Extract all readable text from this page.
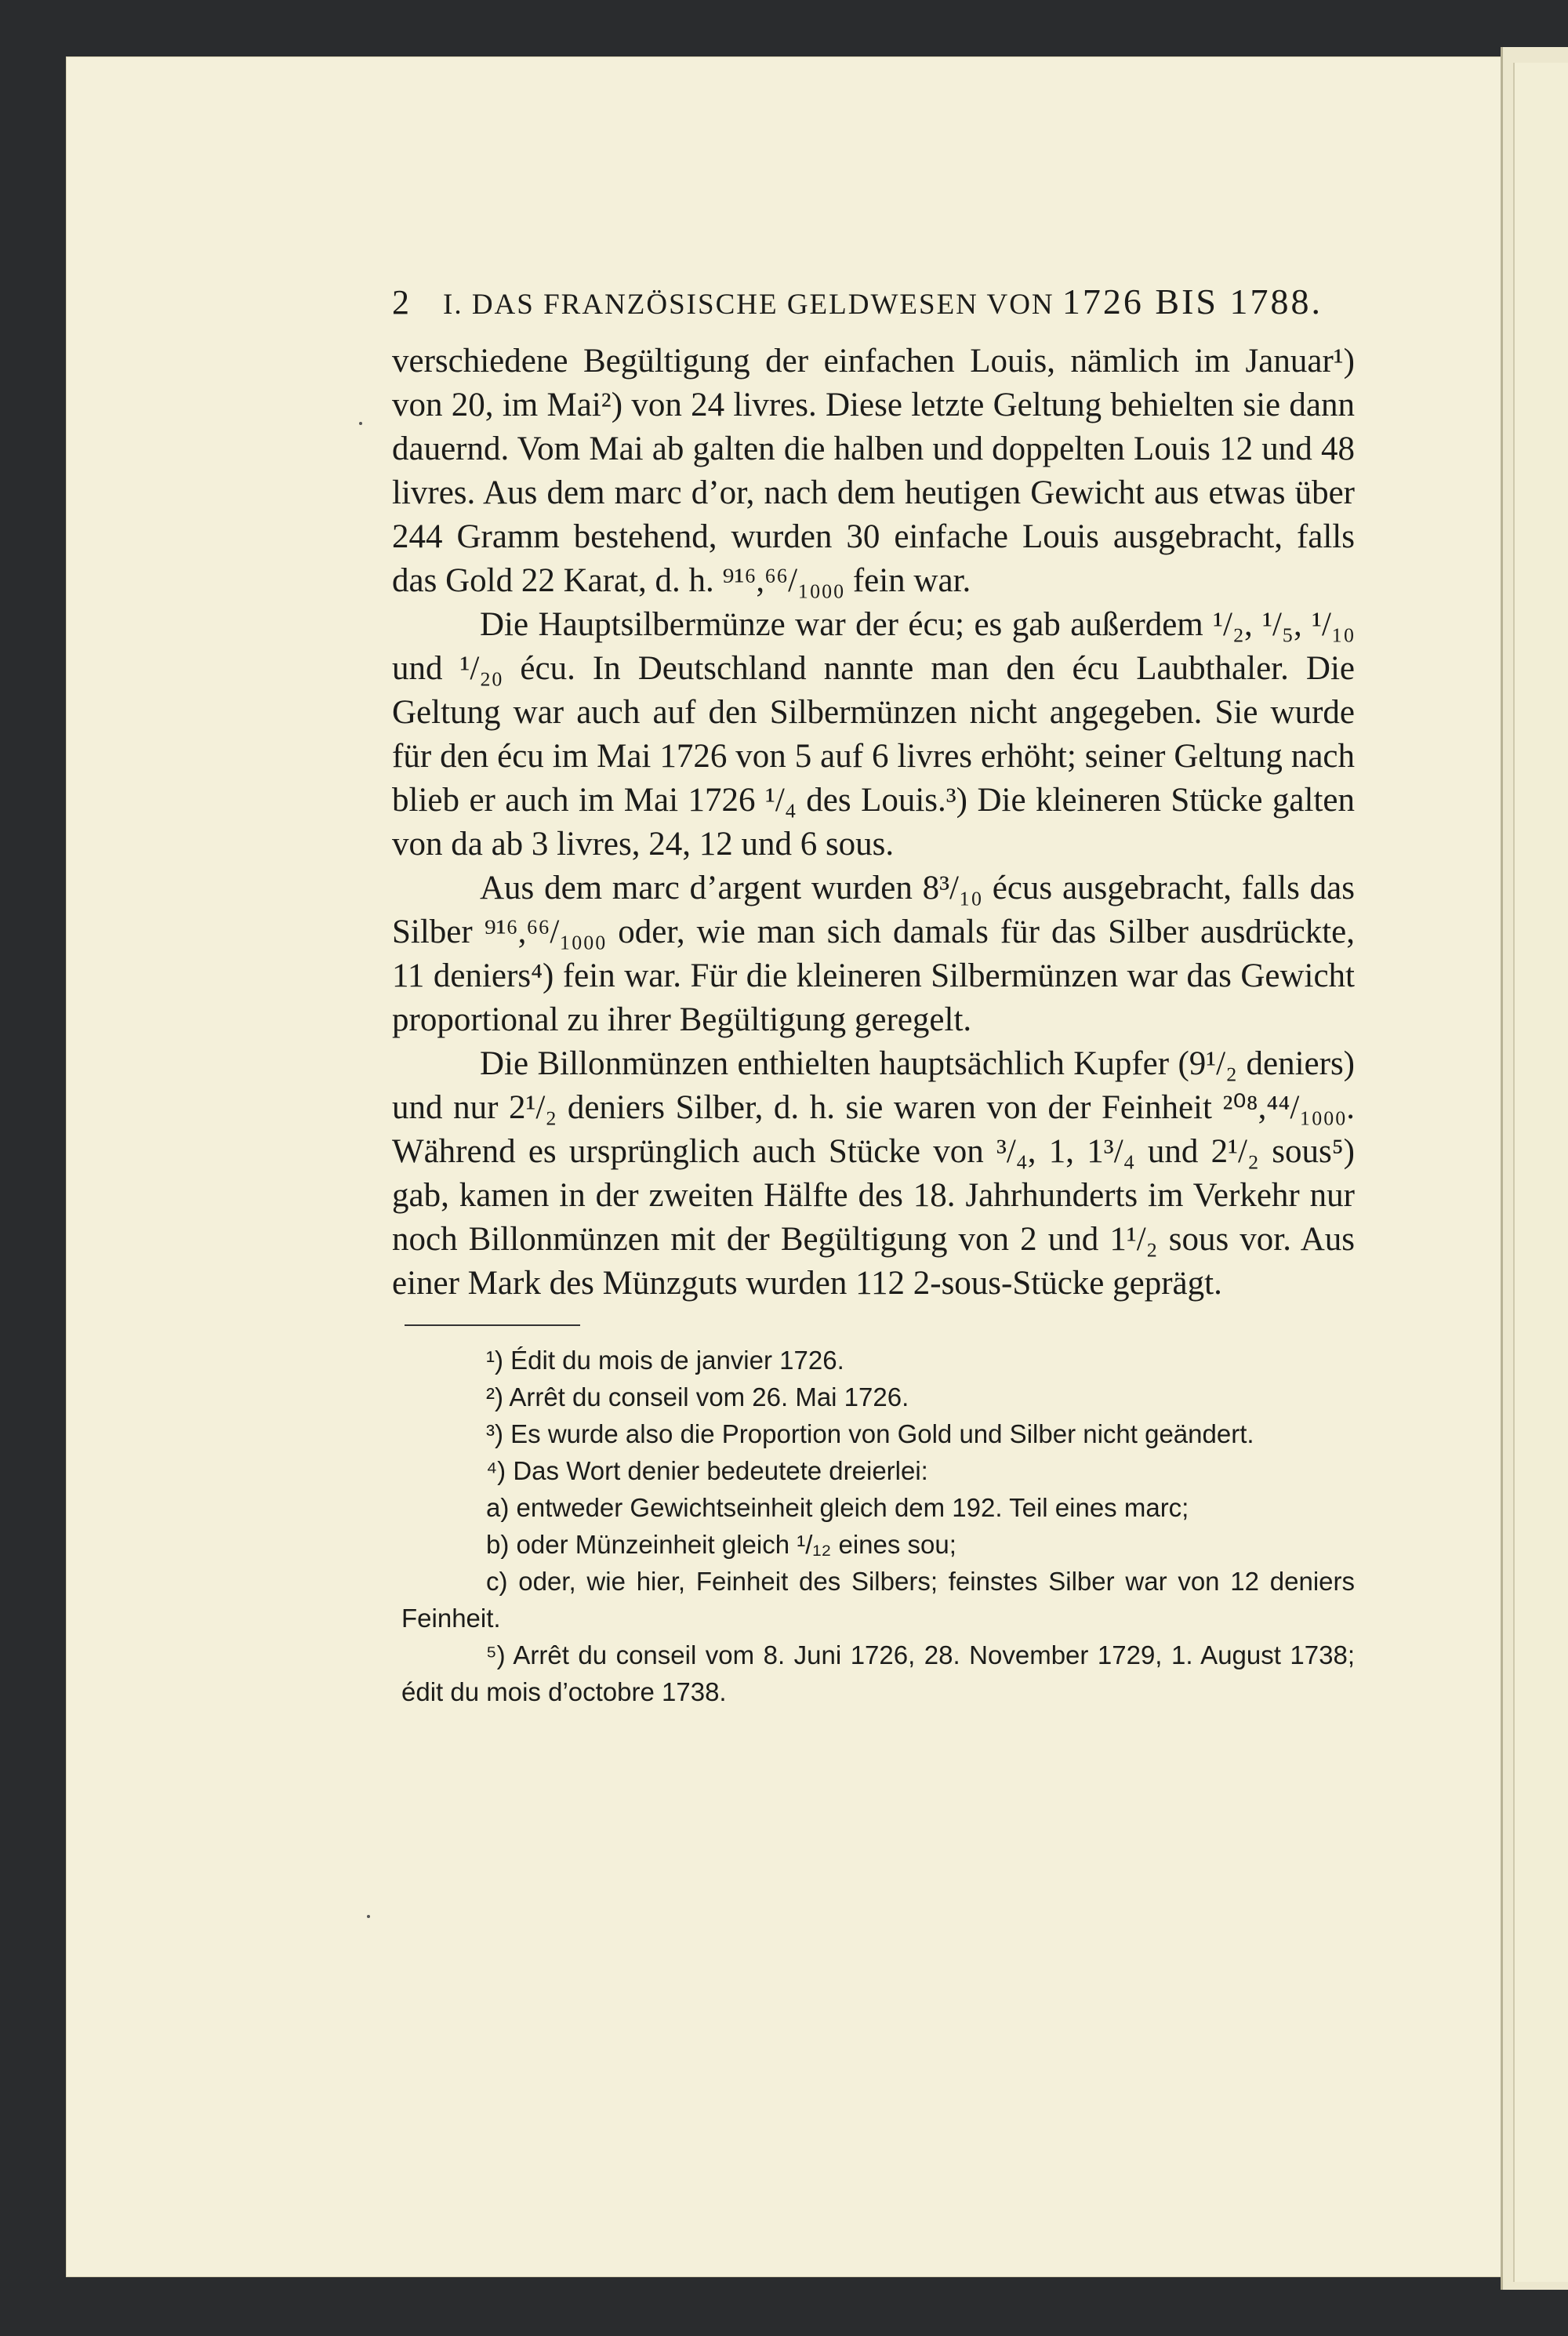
2 I. DAS FRANZÖSISCHE GELDWESEN VON 1726 BIS 1788.

verschiedene Begültigung der einfachen Louis, nämlich im Januar¹) von 20, im Mai²) von 24 livres. Diese letzte Geltung behielten sie dann dauernd. Vom Mai ab galten die halben und doppelten Louis 12 und 48 livres. Aus dem marc d’or, nach dem heutigen Gewicht aus etwas über 244 Gramm bestehend, wurden 30 einfache Louis ausgebracht, falls das Gold 22 Karat, d. h. ⁹¹⁶,⁶⁶/₁₀₀₀ fein war.

Die Hauptsilbermünze war der écu; es gab außerdem ¹/₂, ¹/₅, ¹/₁₀ und ¹/₂₀ écu. In Deutschland nannte man den écu Laubthaler. Die Geltung war auch auf den Silbermünzen nicht angegeben. Sie wurde für den écu im Mai 1726 von 5 auf 6 livres erhöht; seiner Geltung nach blieb er auch im Mai 1726 ¹/₄ des Louis.³) Die kleineren Stücke galten von da ab 3 livres, 24, 12 und 6 sous.

Aus dem marc d’argent wurden 8³/₁₀ écus ausgebracht, falls das Silber ⁹¹⁶,⁶⁶/₁₀₀₀ oder, wie man sich damals für das Silber ausdrückte, 11 deniers⁴) fein war. Für die kleineren Silbermünzen war das Gewicht proportional zu ihrer Begültigung geregelt.

Die Billonmünzen enthielten hauptsächlich Kupfer (9¹/₂ deniers) und nur 2¹/₂ deniers Silber, d. h. sie waren von der Feinheit ²⁰⁸,⁴⁴/₁₀₀₀. Während es ursprünglich auch Stücke von ³/₄, 1, 1³/₄ und 2¹/₂ sous⁵) gab, kamen in der zweiten Hälfte des 18. Jahrhunderts im Verkehr nur noch Billonmünzen mit der Begültigung von 2 und 1¹/₂ sous vor. Aus einer Mark des Münzguts wurden 112 2-sous-Stücke geprägt.

¹) Édit du mois de janvier 1726.

²) Arrêt du conseil vom 26. Mai 1726.

³) Es wurde also die Proportion von Gold und Silber nicht geändert.

⁴) Das Wort denier bedeutete dreierlei:

a) entweder Gewichtseinheit gleich dem 192. Teil eines marc;

b) oder Münzeinheit gleich ¹/₁₂ eines sou;

c) oder, wie hier, Feinheit des Silbers; feinstes Silber war von 12 deniers Feinheit.

⁵) Arrêt du conseil vom 8. Juni 1726, 28. November 1729, 1. August 1738; édit du mois d’octobre 1738.
